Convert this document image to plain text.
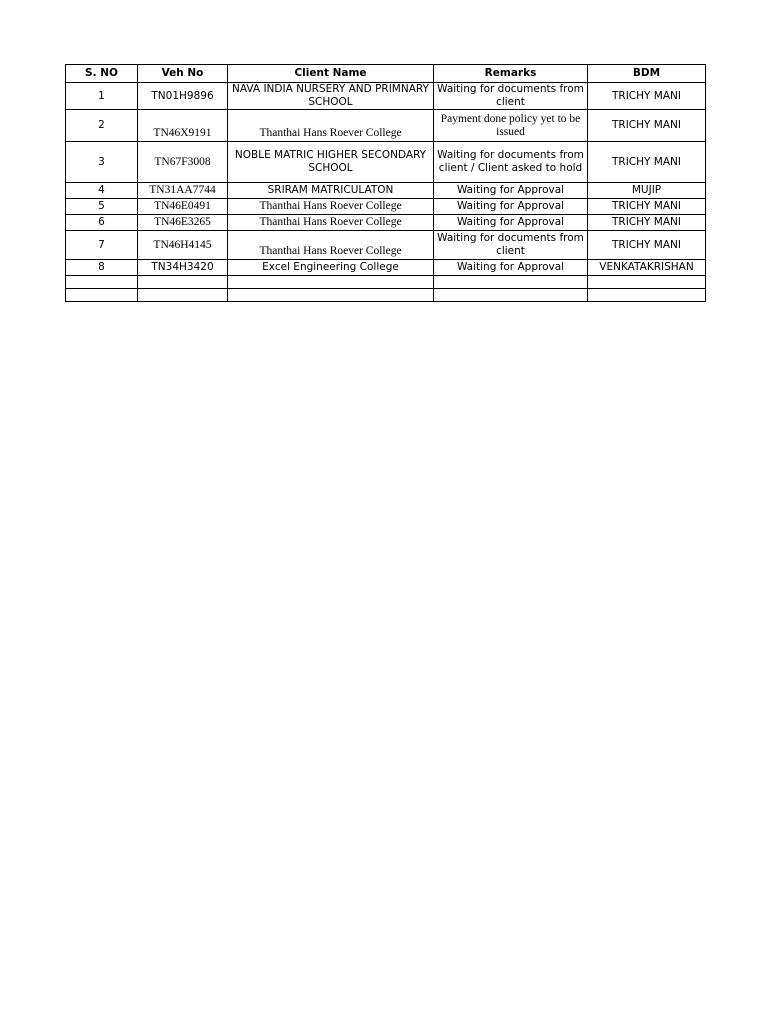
S. NO	Veh No	Client Name	Remarks	BDM
1	TN01H9896	NAVA INDIA NURSERY AND PRIMNARY SCHOOL	Waiting for documents from client	TRICHY MANI
2	TN46X9191	Thanthai Hans Roever College	Payment done policy yet to be issued	TRICHY MANI
3	TN67F3008	NOBLE MATRIC HIGHER SECONDARY SCHOOL	Waiting for documents from client / Client asked to hold	TRICHY MANI
4	TN31AA7744	SRIRAM MATRICULATON	Waiting for Approval	MUJIP
5	TN46E0491	Thanthai Hans Roever College	Waiting for Approval	TRICHY MANI
6	TN46E3265	Thanthai Hans Roever College	Waiting for Approval	TRICHY MANI
7	TN46H4145	Thanthai Hans Roever College	Waiting for documents from client	TRICHY MANI
8	TN34H3420	Excel Engineering College	Waiting for Approval	VENKATAKRISHAN
